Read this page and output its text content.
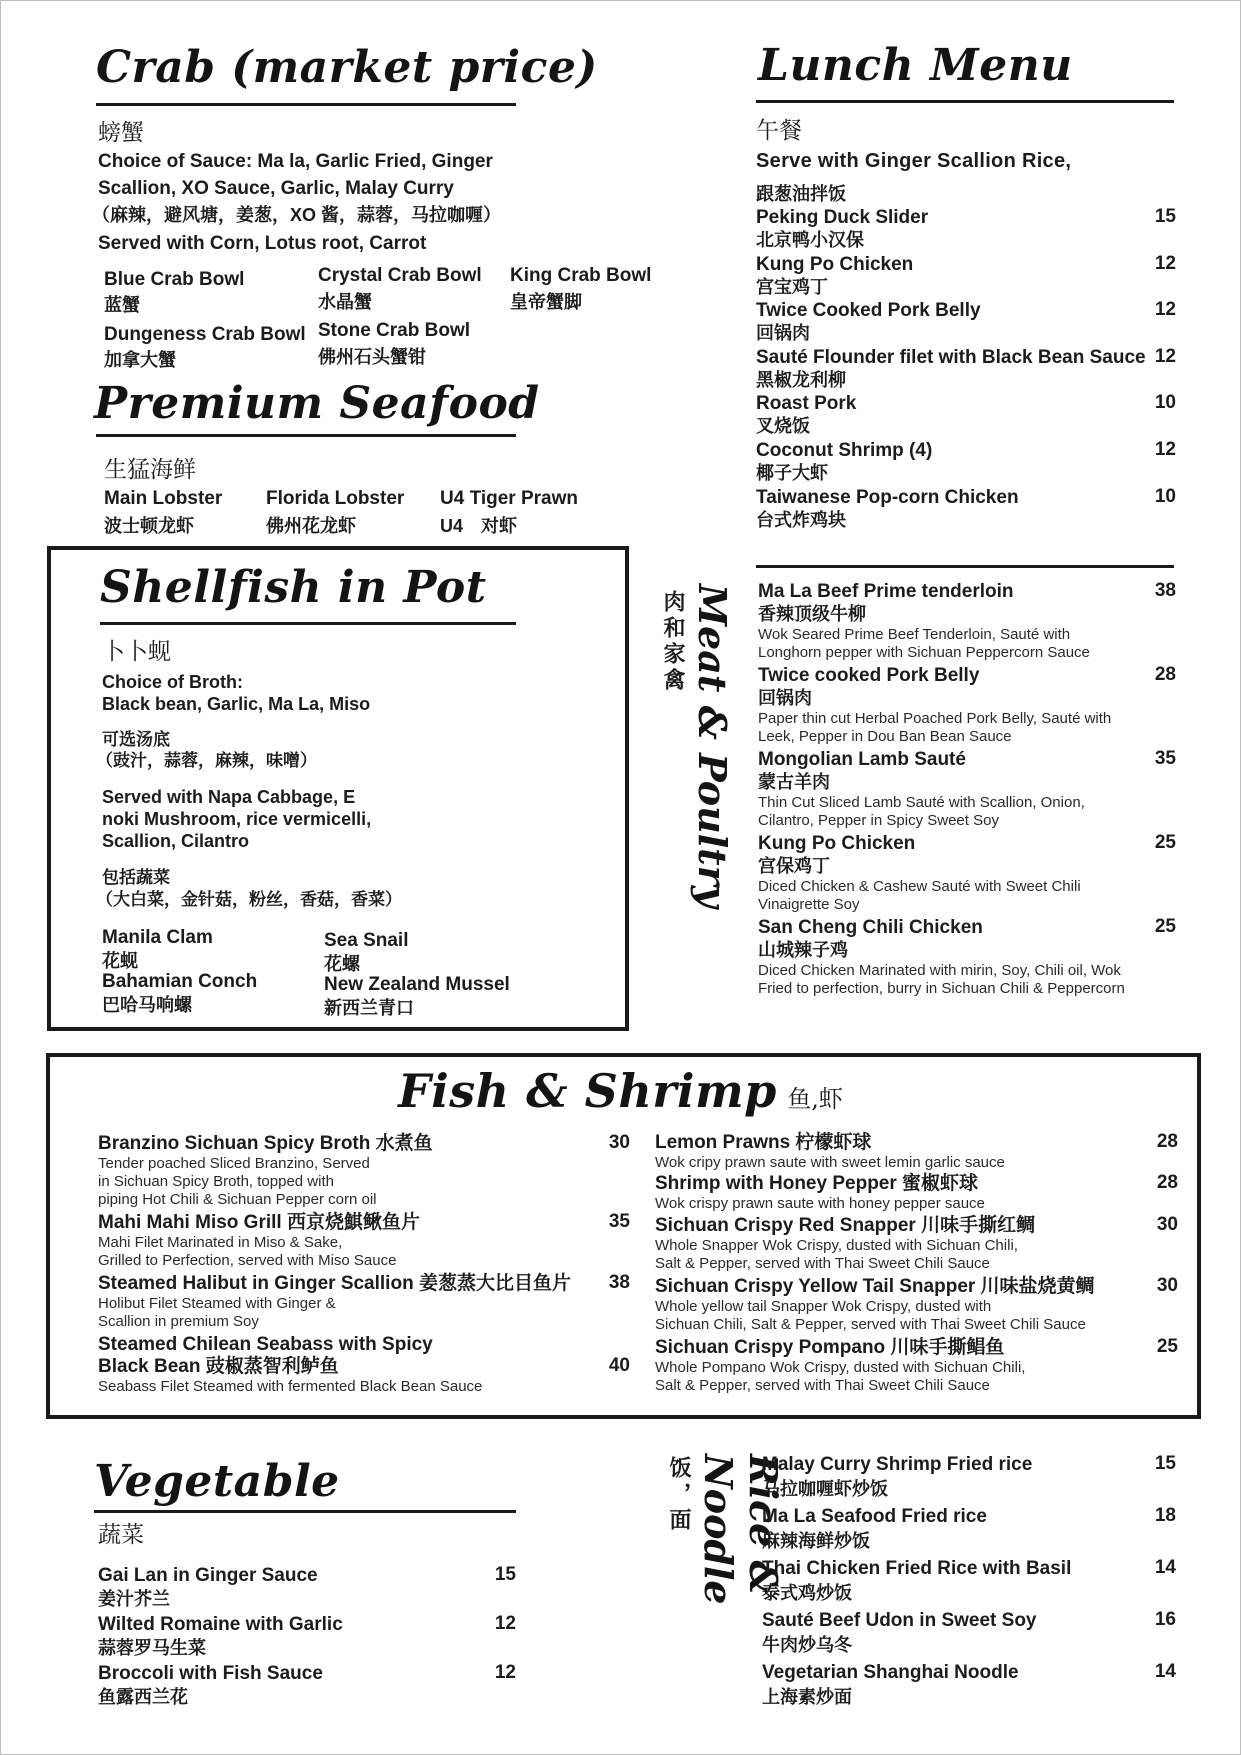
Crab (market price)
螃蟹
Choice of Sauce: Ma la, Garlic Fried, Ginger
Scallion, XO Sauce, Garlic, Malay Curry
（麻辣，避风塘，姜葱，XO 酱，蒜蓉，马拉咖喱）
Served with Corn, Lotus root, Carrot
Blue Crab Bowl
蓝蟹
Crystal Crab Bowl
水晶蟹
King Crab Bowl
皇帝蟹脚
Dungeness Crab Bowl
加拿大蟹
Stone Crab Bowl
佛州石头蟹钳
Premium Seafood
生猛海鲜
Main Lobster
波士顿龙虾
Florida Lobster
佛州花龙虾
U4 Tiger Prawn
U4　对虾
Shellfish in Pot
卜卜蚬
Choice of Broth:
Black bean, Garlic, Ma La, Miso
可选汤底
（豉汁，蒜蓉，麻辣，味噌）
Served with Napa Cabbage, E
noki Mushroom, rice vermicelli,
Scallion, Cilantro
包括蔬菜
（大白菜，金针菇，粉丝，香菇，香菜）
Manila Clam
花蚬
Sea Snail
花螺
Bahamian Conch
巴哈马响螺
New Zealand Mussel
新西兰青口
Lunch Menu
午餐
Serve with Ginger Scallion Rice,
跟葱油拌饭
Peking Duck Slider	15
北京鸭小汉保
Kung Po Chicken	12
宫宝鸡丁
Twice Cooked Pork Belly	12
回锅肉
Sauté Flounder filet with Black Bean Sauce 12
黑椒龙利柳
Roast Pork	10
叉烧饭
Coconut Shrimp (4)	12
椰子大虾
Taiwanese Pop-corn Chicken	10
台式炸鸡块
肉和家禽 Meat & Poultry Ma La Beef Prime tenderloin	38
香辣顶级牛柳
Wok Seared Prime Beef Tenderloin, Sauté with
Longhorn pepper with Sichuan Peppercorn Sauce
Twice cooked Pork Belly	28
回锅肉
Paper thin cut Herbal Poached Pork Belly, Sauté with
Leek, Pepper in Dou Ban Bean Sauce
Mongolian Lamb Sauté	35
蒙古羊肉
Thin Cut Sliced Lamb Sauté with Scallion, Onion,
Cilantro, Pepper in Spicy Sweet Soy
Kung Po Chicken	25
宫保鸡丁
Diced Chicken & Cashew Sauté with Sweet Chili
Vinaigrette Soy
San Cheng Chili Chicken	25
山城辣子鸡
Diced Chicken Marinated with mirin, Soy, Chili oil, Wok
Fried to perfection, burry in Sichuan Chili & Peppercorn
Fish & Shrimp 鱼,虾
Branzino Sichuan Spicy Broth 水煮鱼	30
Tender poached Sliced Branzino, Served
in Sichuan Spicy Broth, topped with
piping Hot Chili & Sichuan Pepper corn oil
Mahi Mahi Miso Grill 西京烧鯕鳅鱼片	35
Mahi Filet Marinated in Miso & Sake,
Grilled to Perfection, served with Miso Sauce
Steamed Halibut in Ginger Scallion 姜葱蒸大比目鱼片	38
Holibut Filet Steamed with Ginger &
Scallion in premium Soy
Steamed Chilean Seabass with Spicy
Black Bean 豉椒蒸智利鲈鱼	40
Seabass Filet Steamed with fermented Black Bean Sauce
Lemon Prawns 柠檬虾球	28
Wok cripy prawn saute with sweet lemin garlic sauce
Shrimp with Honey Pepper 蜜椒虾球	28
Wok crispy prawn saute with honey pepper sauce
Sichuan Crispy Red Snapper 川味手撕红鲷	30
Whole Snapper Wok Crispy, dusted with Sichuan Chili,
Salt & Pepper, served with Thai Sweet Chili Sauce
Sichuan Crispy Yellow Tail Snapper 川味盐烧黄鲷	30
Whole yellow tail Snapper Wok Crispy, dusted with
Sichuan Chili, Salt & Pepper, served with Thai Sweet Chili Sauce
Sichuan Crispy Pompano 川味手撕鲳鱼	25
Whole Pompano Wok Crispy, dusted with Sichuan Chili,
Salt & Pepper, served with Thai Sweet Chili Sauce
Vegetable
蔬菜
Gai Lan in Ginger Sauce	15
姜汁芥兰
Wilted Romaine with Garlic	12
蒜蓉罗马生菜
Broccoli with Fish Sauce	12
鱼露西兰花
饭，面	Rice & Noodle	Malay Curry Shrimp Fried rice	15
马拉咖喱虾炒饭
Ma La Seafood Fried rice	18
麻辣海鲜炒饭
Thai Chicken Fried Rice with Basil	14
泰式鸡炒饭
Sauté Beef Udon in Sweet Soy	16
牛肉炒乌冬
Vegetarian Shanghai Noodle	14
上海素炒面
